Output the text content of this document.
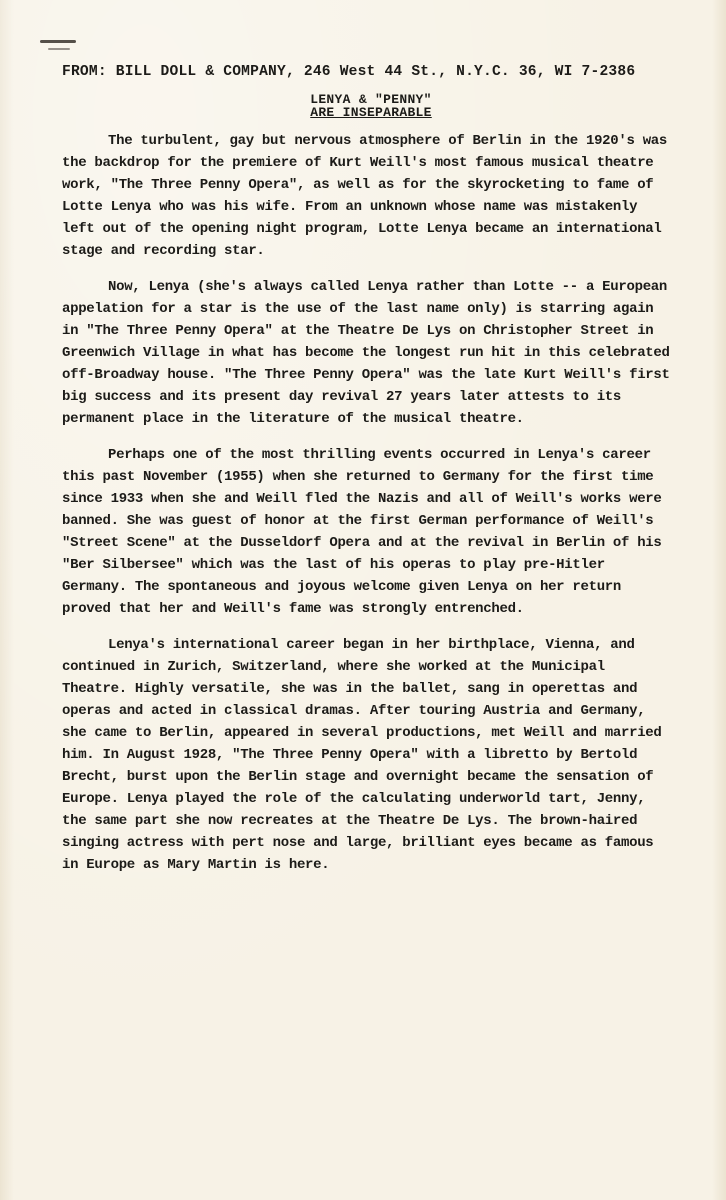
FROM: BILL DOLL & COMPANY, 246 West 44 St., N.Y.C. 36, WI 7-2386
LENYA & "PENNY"
ARE INSEPARABLE

The turbulent, gay but nervous atmosphere of Berlin in the 1920's was the backdrop for the premiere of Kurt Weill's most famous musical theatre work, "The Three Penny Opera", as well as for the skyrocketing to fame of Lotte Lenya who was his wife. From an unknown whose name was mistakenly left out of the opening night program, Lotte Lenya became an international stage and recording star.

Now, Lenya (she's always called Lenya rather than Lotte -- a European appelation for a star is the use of the last name only) is starring again in "The Three Penny Opera" at the Theatre De Lys on Christopher Street in Greenwich Village in what has become the longest run hit in this celebrated off-Broadway house. "The Three Penny Opera" was the late Kurt Weill's first big success and its present day revival 27 years later attests to its permanent place in the literature of the musical theatre.

Perhaps one of the most thrilling events occurred in Lenya's career this past November (1955) when she returned to Germany for the first time since 1933 when she and Weill fled the Nazis and all of Weill's works were banned. She was guest of honor at the first German performance of Weill's "Street Scene" at the Dusseldorf Opera and at the revival in Berlin of his "Ber Silbersee" which was the last of his operas to play pre-Hitler Germany. The spontaneous and joyous welcome given Lenya on her return proved that her and Weill's fame was strongly entrenched.

Lenya's international career began in her birthplace, Vienna, and continued in Zurich, Switzerland, where she worked at the Municipal Theatre. Highly versatile, she was in the ballet, sang in operettas and operas and acted in classical dramas. After touring Austria and Germany, she came to Berlin, appeared in several productions, met Weill and married him. In August 1928, "The Three Penny Opera" with a libretto by Bertold Brecht, burst upon the Berlin stage and overnight became the sensation of Europe. Lenya played the role of the calculating underworld tart, Jenny, the same part she now recreates at the Theatre De Lys. The brown-haired singing actress with pert nose and large, brilliant eyes became as famous in Europe as Mary Martin is here.
